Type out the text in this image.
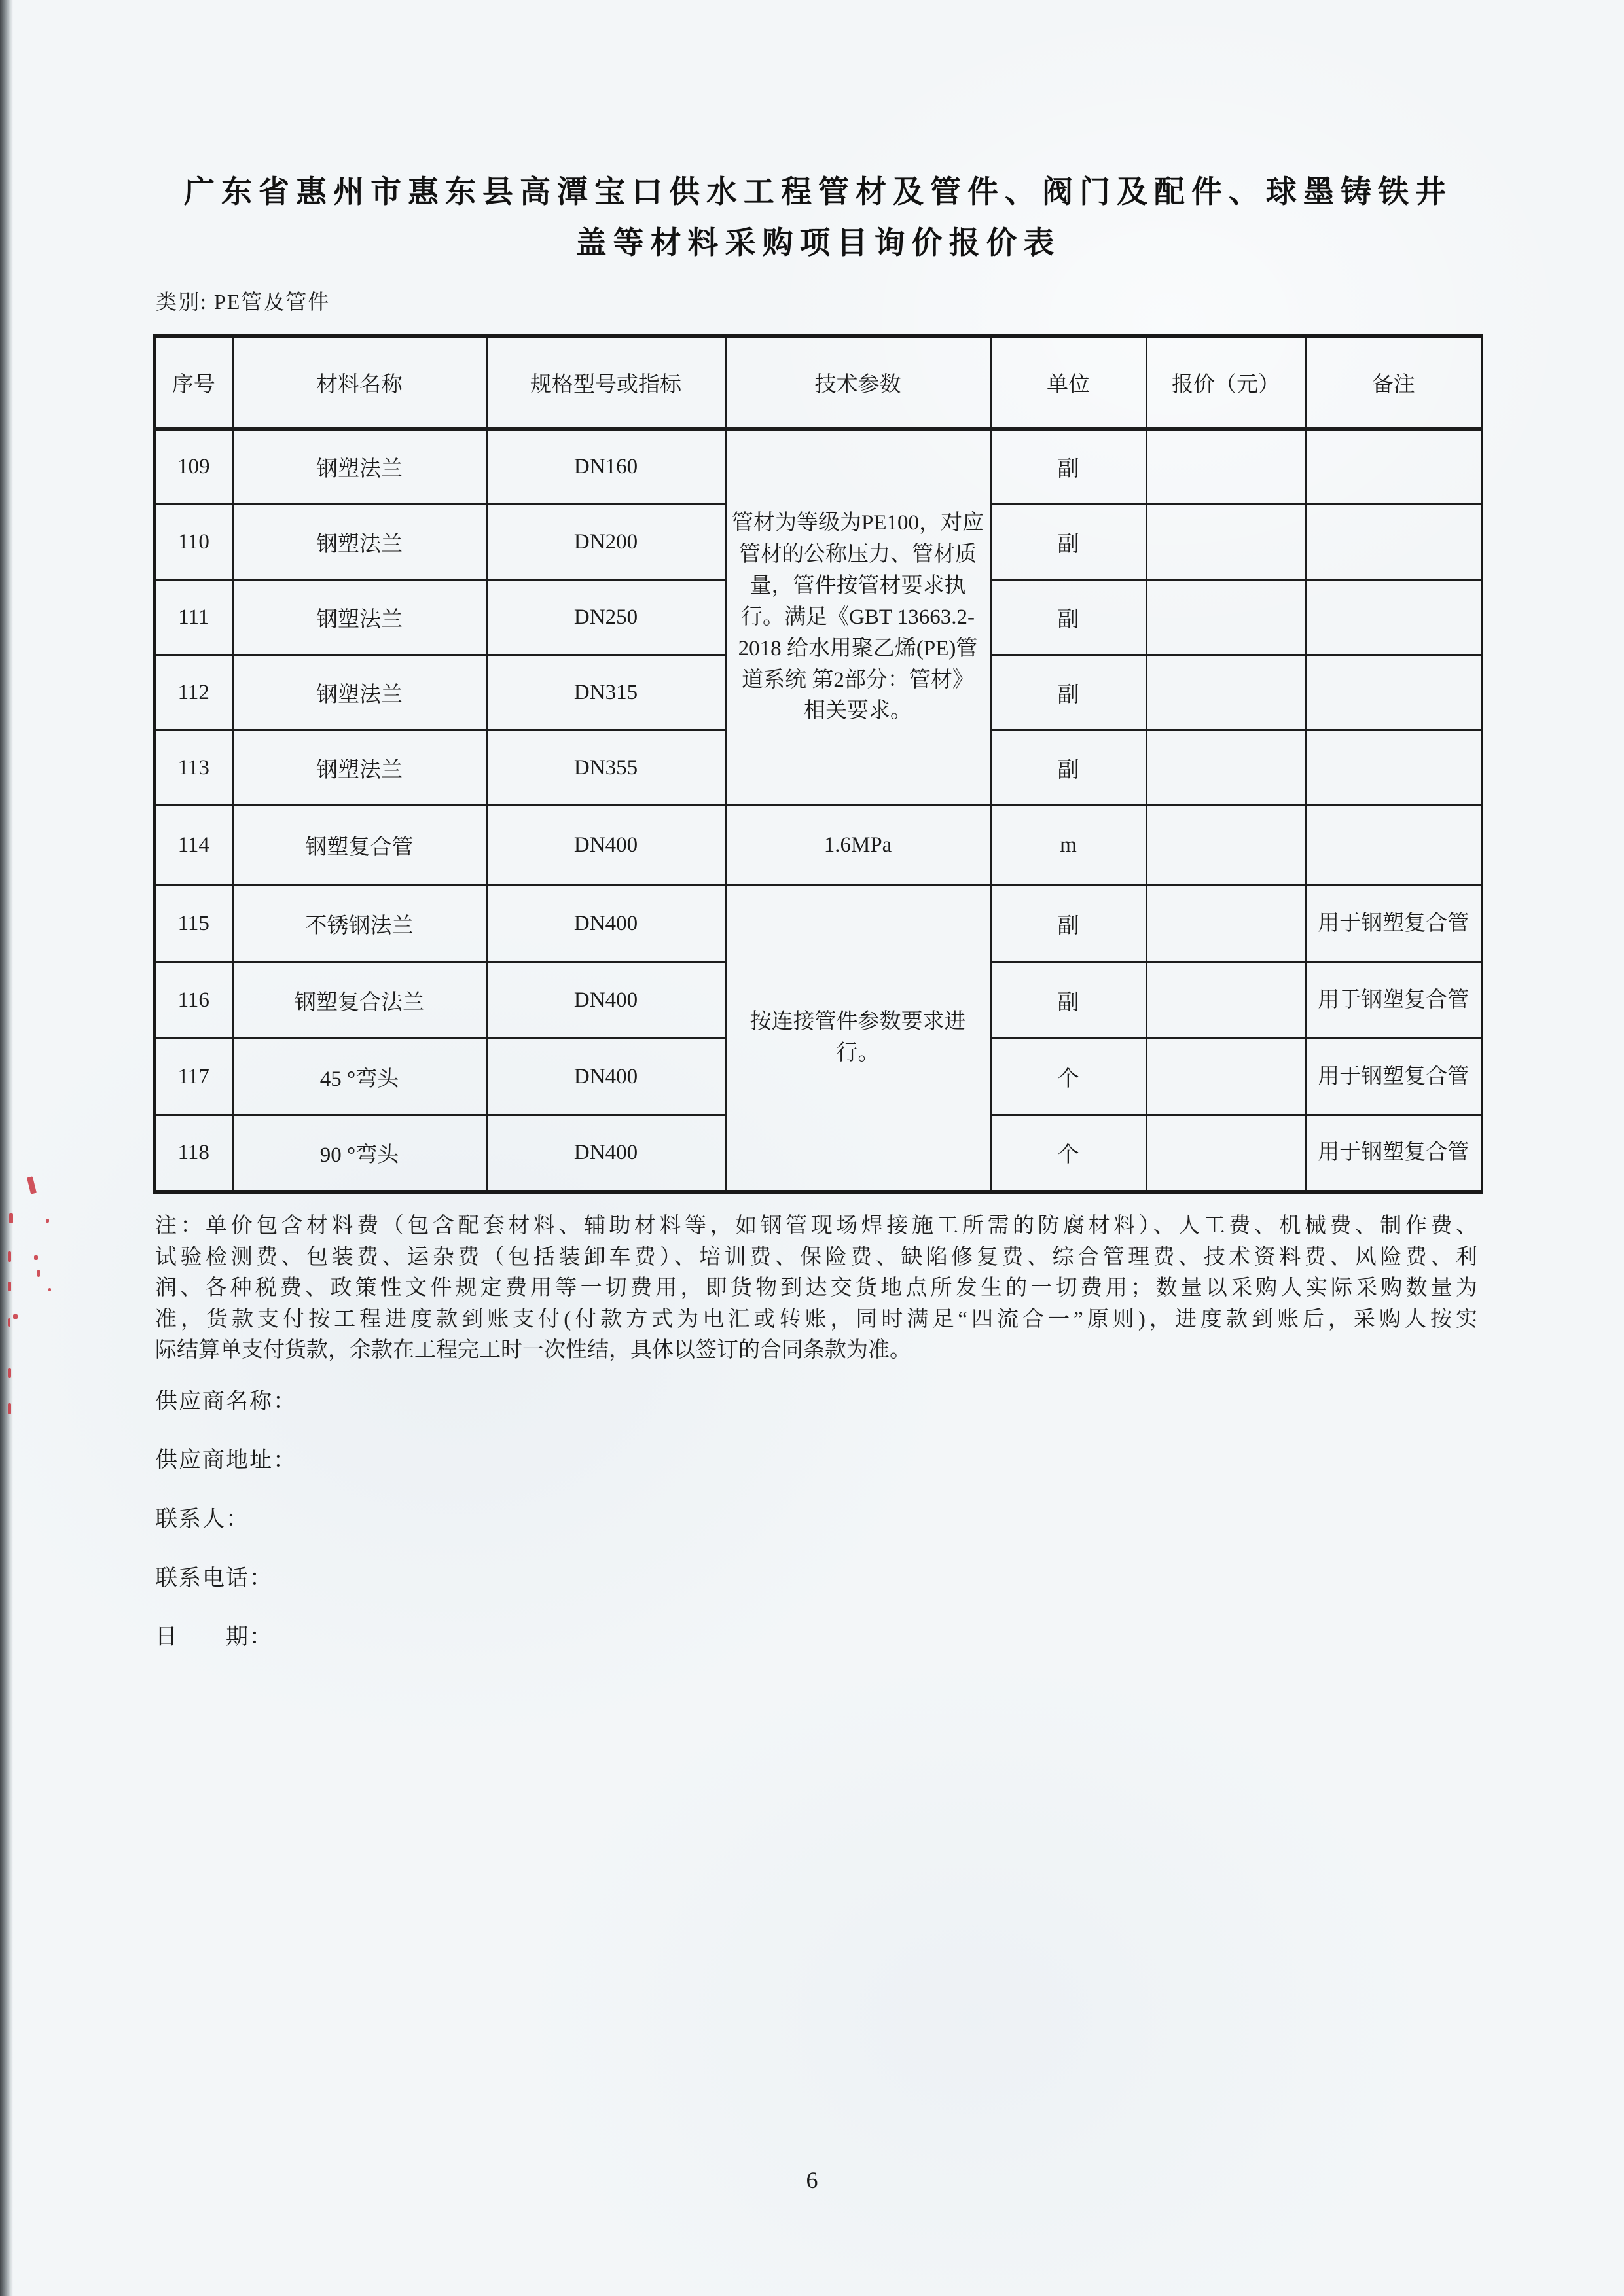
广东省惠州市惠东县高潭宝口供水工程管材及管件、阀门及配件、球墨铸铁井
盖等材料采购项目询价报价表
类别: PE管及管件
序号	材料名称	规格型号或指标	技术参数	单位	报价（元）	备注
109	钢塑法兰	DN160	管材为等级为PE100，对应管材的公称压力、管材质量，管件按管材要求执行。满足《GBT 13663.2-2018 给水用聚乙烯(PE)管道系统 第2部分：管材》相关要求。	副		
110	钢塑法兰	DN200		副		
111	钢塑法兰	DN250		副		
112	钢塑法兰	DN315		副		
113	钢塑法兰	DN355		副		
114	钢塑复合管	DN400	1.6MPa	m		
115	不锈钢法兰	DN400	按连接管件参数要求进行。	副		用于钢塑复合管
116	钢塑复合法兰	DN400		副		用于钢塑复合管
117	45 °弯头	DN400		个		用于钢塑复合管
118	90 °弯头	DN400		个		用于钢塑复合管
注：单价包含材料费（包含配套材料、辅助材料等，如钢管现场焊接施工所需的防腐材料）、人工费、机械费、制作费、
试验检测费、包装费、运杂费（包括装卸车费）、培训费、保险费、缺陷修复费、综合管理费、技术资料费、风险费、利
润、各种税费、政策性文件规定费用等一切费用，即货物到达交货地点所发生的一切费用；数量以采购人实际采购数量为
准，货款支付按工程进度款到账支付(付款方式为电汇或转账，同时满足“四流合一”原则)，进度款到账后，采购人按实
际结算单支付货款，余款在工程完工时一次性结，具体以签订的合同条款为准。
供应商名称：
供应商地址：
联系人：
联系电话：
日　　期：
6
